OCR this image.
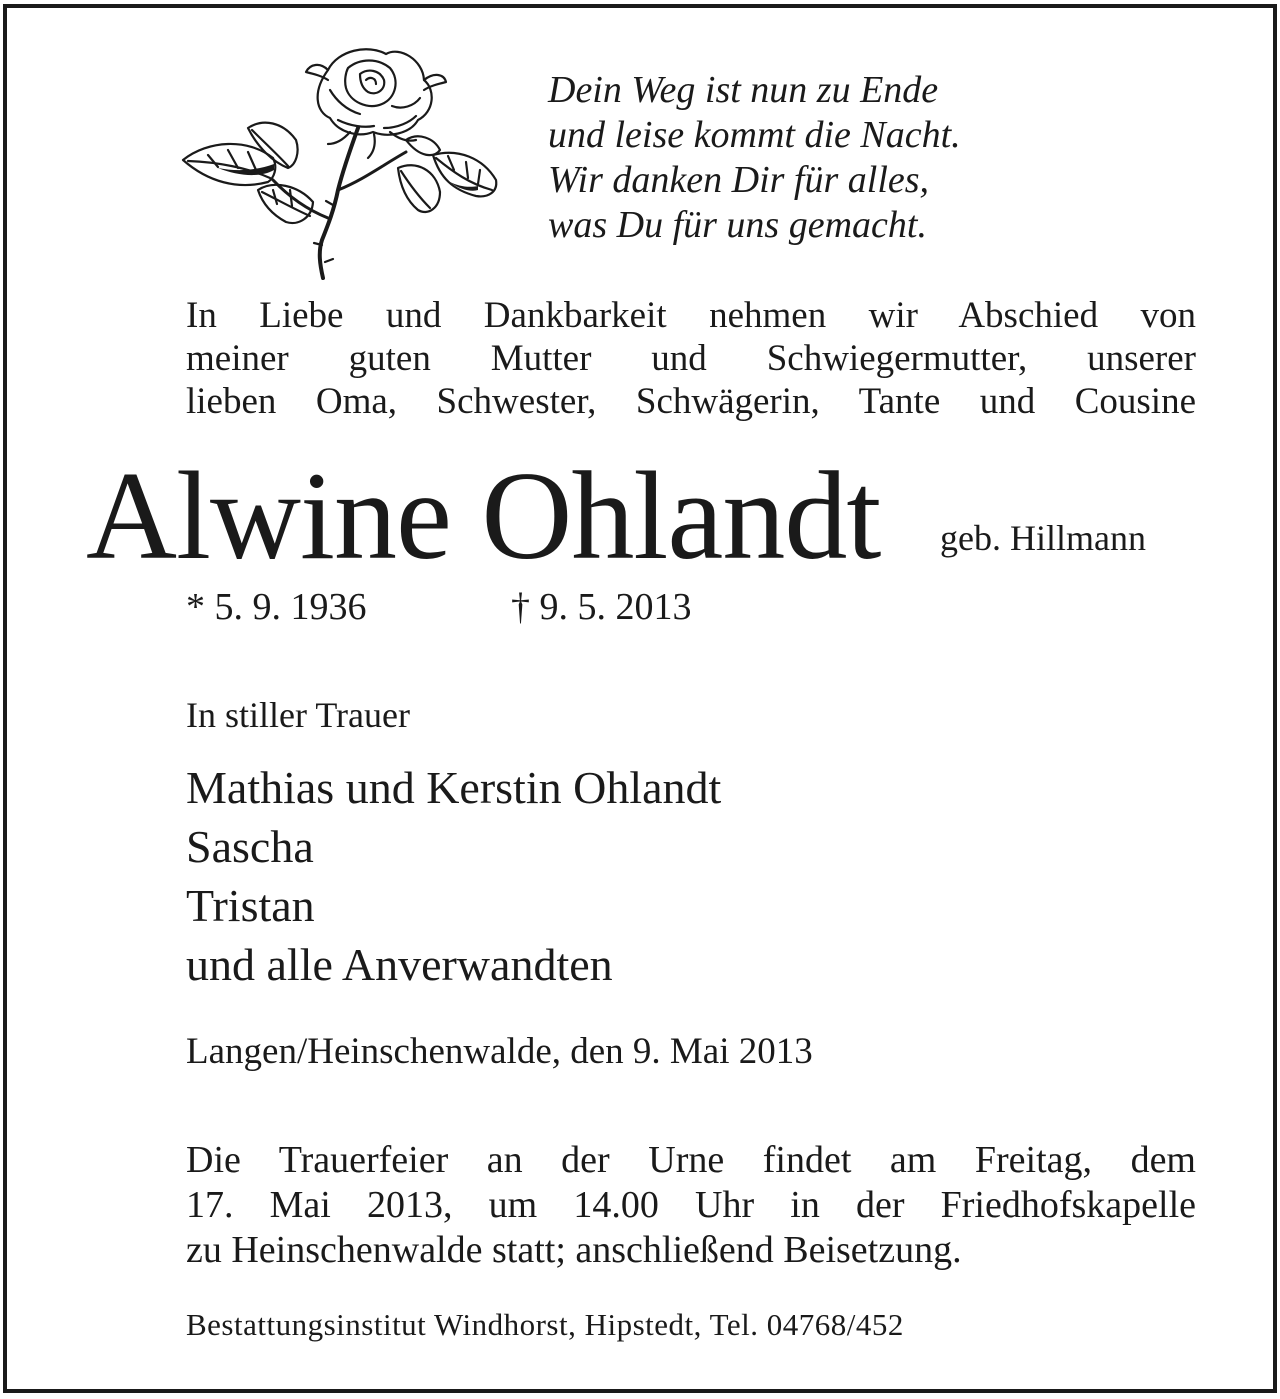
Dein Weg ist nun zu Ende
und leise kommt die Nacht.
Wir danken Dir für alles,
was Du für uns gemacht.
In Liebe und Dankbarkeit nehmen wir Abschied von
meiner guten Mutter und Schwiegermutter, unserer
lieben Oma, Schwester, Schwägerin, Tante und Cousine
Alwine Ohlandt geb. Hillmann
* 5. 9. 1936	† 9. 5. 2013
In stiller Trauer
Mathias und Kerstin Ohlandt
Sascha
Tristan
und alle Anverwandten
Langen/Heinschenwalde, den 9. Mai 2013
Die Trauerfeier an der Urne findet am Freitag, dem
17. Mai 2013, um 14.00 Uhr in der Friedhofskapelle
zu Heinschenwalde statt; anschließend Beisetzung.
Bestattungsinstitut Windhorst, Hipstedt, Tel. 04768/452
